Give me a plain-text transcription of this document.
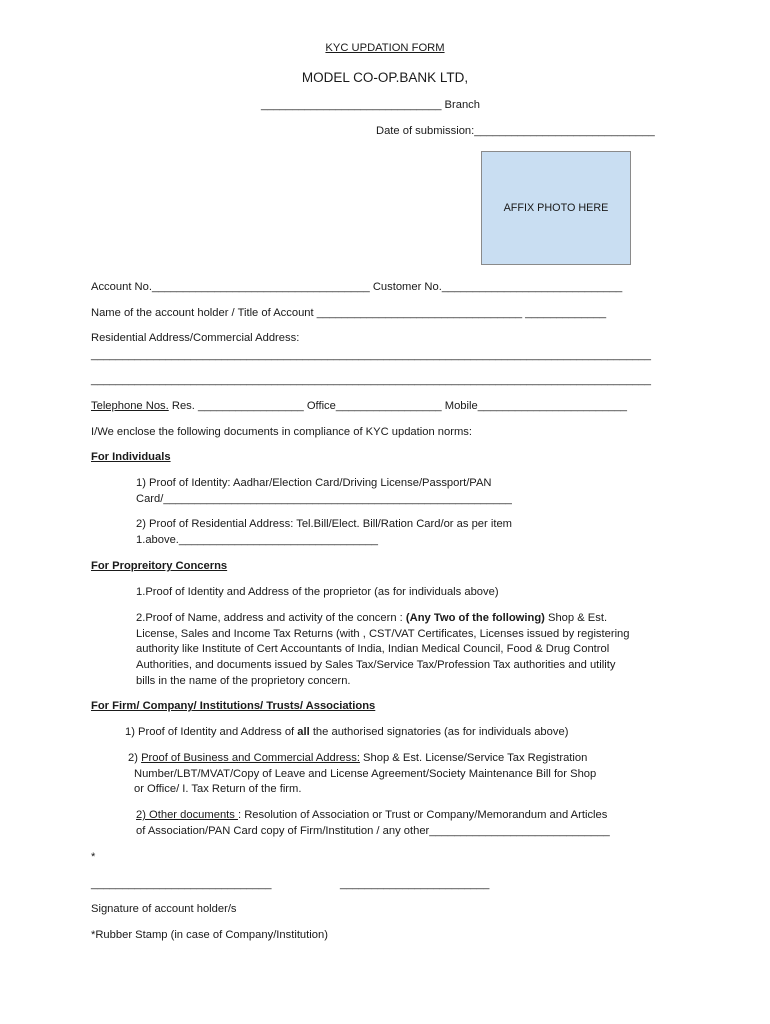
KYC UPDATION FORM
MODEL CO-OP.BANK LTD,
_____________________________ Branch
Date of submission:_____________________________
AFFIX PHOTO HERE
Account No.___________________________________ Customer No._____________________________
Name of the account holder / Title of Account _________________________________ _____________
Residential Address/Commercial Address:
__________________________________________________________________________________________
__________________________________________________________________________________________
Telephone Nos. Res. _________________ Office_________________ Mobile________________________
I/We enclose the following documents in compliance of KYC updation norms:
For Individuals
1) Proof of Identity: Aadhar/Election Card/Driving License/Passport/PAN
Card/________________________________________________________
2) Proof of Residential Address: Tel.Bill/Elect. Bill/Ration Card/or as per item
1.above.________________________________
For Propreitory Concerns
1.Proof of Identity and Address of the proprietor (as for individuals above)
2.Proof of Name, address and activity of the concern : (Any Two of the following) Shop & Est.
License, Sales and Income Tax Returns (with , CST/VAT Certificates, Licenses issued by registering
authority like Institute of Cert Accountants of India, Indian Medical Council, Food & Drug Control
Authorities, and documents issued by Sales Tax/Service Tax/Profession Tax authorities and utility
bills in the name of the proprietory concern.
For Firm/ Company/ Institutions/ Trusts/ Associations
1) Proof of Identity and Address of all the authorised signatories (as for individuals above)
2) Proof of Business and Commercial Address: Shop & Est. License/Service Tax Registration
Number/LBT/MVAT/Copy of Leave and License Agreement/Society Maintenance Bill for Shop
or Office/ I. Tax Return of the firm.
2) Other documents : Resolution of Association or Trust or Company/Memorandum and Articles
of Association/PAN Card copy of Firm/Institution / any other_____________________________
*
_____________________________	________________________
Signature of account holder/s
*Rubber Stamp (in case of Company/Institution)
